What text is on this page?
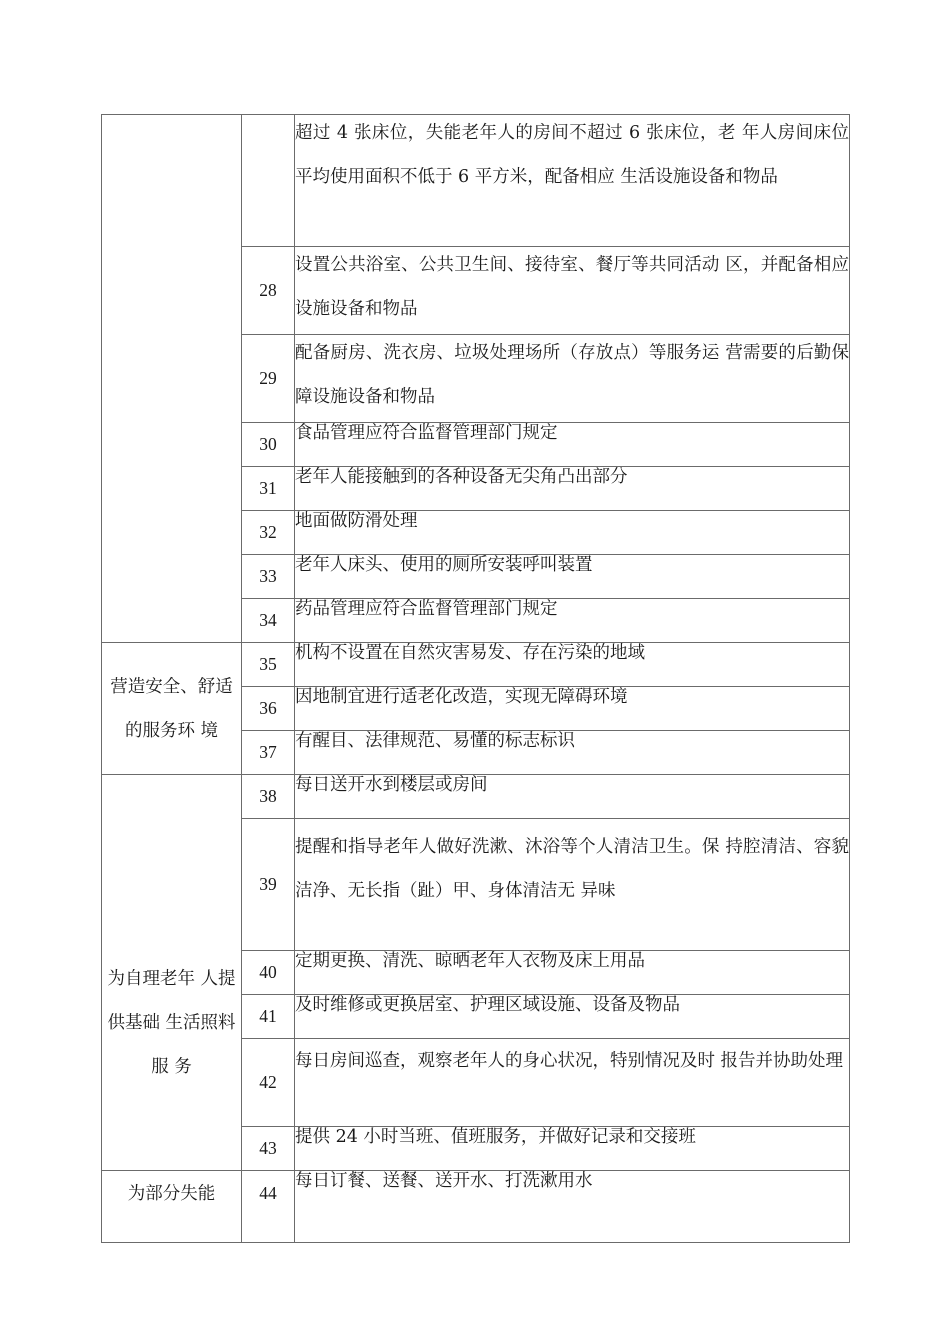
		超过 4 张床位，失能老年人的房间不超过 6 张床位，老 年人房间床位平均使用面积不低于 6 平方米，配备相应 生活设施设备和物品

	28	设置公共浴室、公共卫生间、接待室、餐厅等共同活动 区，并配备相应设施设备和物品

	29	配备厨房、洗衣房、垃圾处理场所（存放点）等服务运 营需要的后勤保障设施设备和物品

	30	食品管理应符合监督管理部门规定

	31	老年人能接触到的各种设备无尖角凸出部分

	32	地面做防滑处理

	33	老年人床头、使用的厕所安装呼叫装置

	34	药品管理应符合监督管理部门规定

营造安全、舒适的服务环 境	35	机构不设置在自然灾害易发、存在污染的地域

	36	因地制宜进行适老化改造，实现无障碍环境

	37	有醒目、法律规范、易懂的标志标识

为自理老年 人提供基础 生活照料服 务	38	每日送开水到楼层或房间

	39	提醒和指导老年人做好洗漱、沐浴等个人清洁卫生。保 持腔清洁、容貌洁净、无长指（趾）甲、身体清洁无 异味

	40	定期更换、清洗、晾晒老年人衣物及床上用品

	41	及时维修或更换居室、护理区域设施、设备及物品

	42	每日房间巡查，观察老年人的身心状况，特别情况及时 报告并协助处理

	43	提供 24 小时当班、值班服务，并做好记录和交接班

为部分失能	44	每日订餐、送餐、送开水、打洗漱用水
